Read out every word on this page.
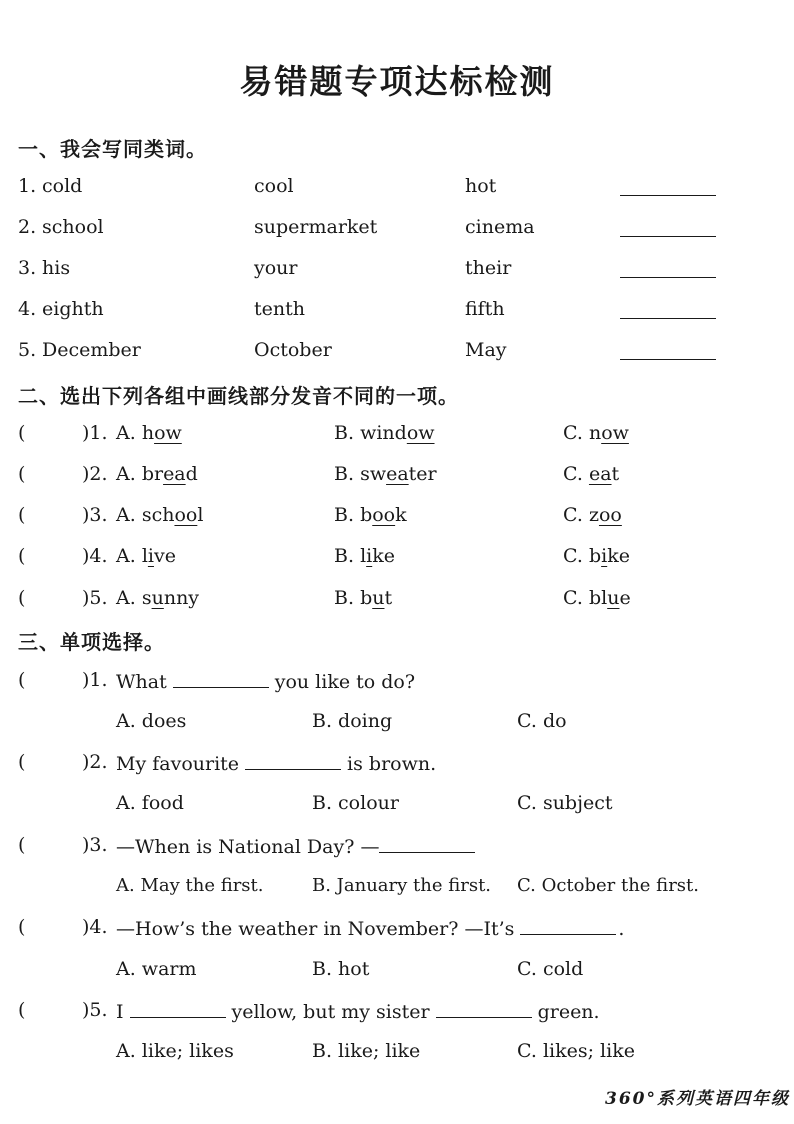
易错题专项达标检测
一、我会写同类词。
1. cold	cool	hot
2. school	supermarket	cinema
3. his	your	their
4. eighth	tenth	fifth
5. December	October	May
二、选出下列各组中画线部分发音不同的一项。
(	)1. A. how	B. window	C. now
(	)2. A. bread	B. sweater	C. eat
(	)3. A. school	B. book	C. zoo
(	)4. A. live	B. like	C. bike
(	)5. A. sunny	B. but	C. blue
三、单项选择。
(	)1. What	you like to do?
A. does	B. doing	C. do
(	)2. My favourite	is brown.
A. food	B. colour	C. subject
(	)3. —When is National Day? —
A. May the first.	B. January the first. C. October the first.
(	)4. —How’s the weather in November? —It’s	.
A. warm	B. hot	C. cold
(	)5. I	yellow, but my sister	green.
A. like; likes	B. like; like	C. likes; like
360°系列英语四年级
